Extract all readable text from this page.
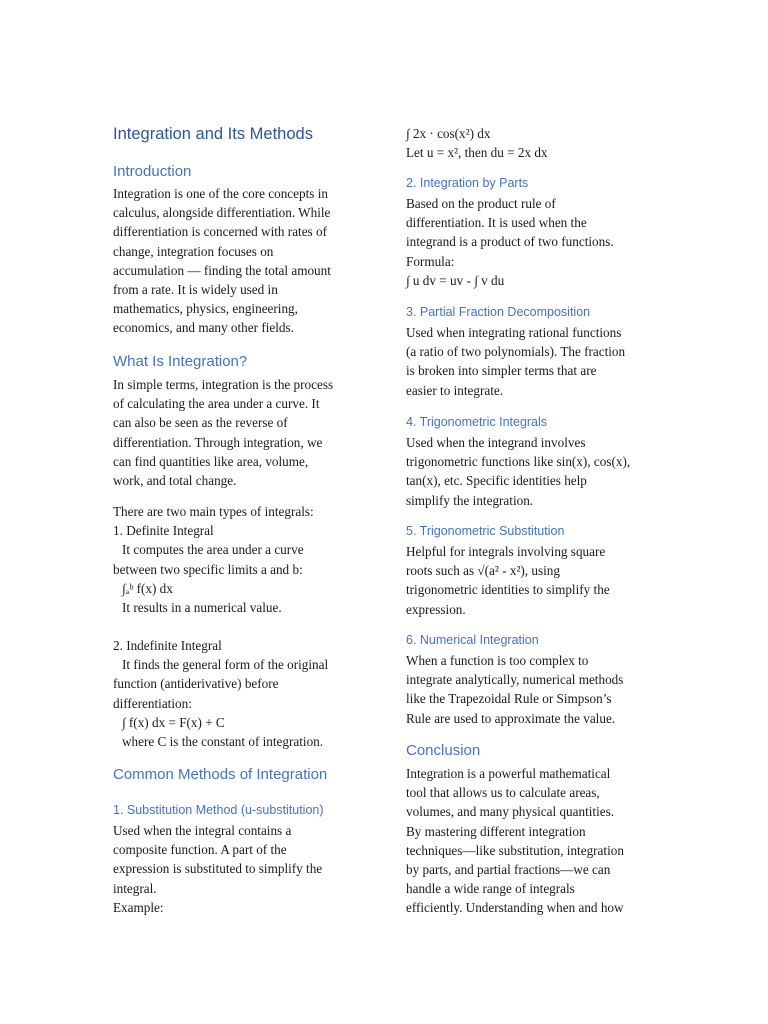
Integration and Its Methods
Introduction
Integration is one of the core concepts in
calculus, alongside differentiation. While
differentiation is concerned with rates of
change, integration focuses on
accumulation — finding the total amount
from a rate. It is widely used in
mathematics, physics, engineering,
economics, and many other fields.
What Is Integration?
In simple terms, integration is the process
of calculating the area under a curve. It
can also be seen as the reverse of
differentiation. Through integration, we
can find quantities like area, volume,
work, and total change.
There are two main types of integrals:
1. Definite Integral
It computes the area under a curve
between two specific limits a and b:
∫ₐᵇ f(x) dx
It results in a numerical value.
2. Indefinite Integral
It finds the general form of the original
function (antiderivative) before
differentiation:
∫ f(x) dx = F(x) + C
where C is the constant of integration.
Common Methods of Integration
1. Substitution Method (u-substitution)
Used when the integral contains a
composite function. A part of the
expression is substituted to simplify the
integral.
Example:
∫ 2x · cos(x²) dx
Let u = x², then du = 2x dx
2. Integration by Parts
Based on the product rule of
differentiation. It is used when the
integrand is a product of two functions.
Formula:
∫ u dv = uv - ∫ v du
3. Partial Fraction Decomposition
Used when integrating rational functions
(a ratio of two polynomials). The fraction
is broken into simpler terms that are
easier to integrate.
4. Trigonometric Integrals
Used when the integrand involves
trigonometric functions like sin(x), cos(x),
tan(x), etc. Specific identities help
simplify the integration.
5. Trigonometric Substitution
Helpful for integrals involving square
roots such as √(a² - x²), using
trigonometric identities to simplify the
expression.
6. Numerical Integration
When a function is too complex to
integrate analytically, numerical methods
like the Trapezoidal Rule or Simpson’s
Rule are used to approximate the value.
Conclusion
Integration is a powerful mathematical
tool that allows us to calculate areas,
volumes, and many physical quantities.
By mastering different integration
techniques—like substitution, integration
by parts, and partial fractions—we can
handle a wide range of integrals
efficiently. Understanding when and how
